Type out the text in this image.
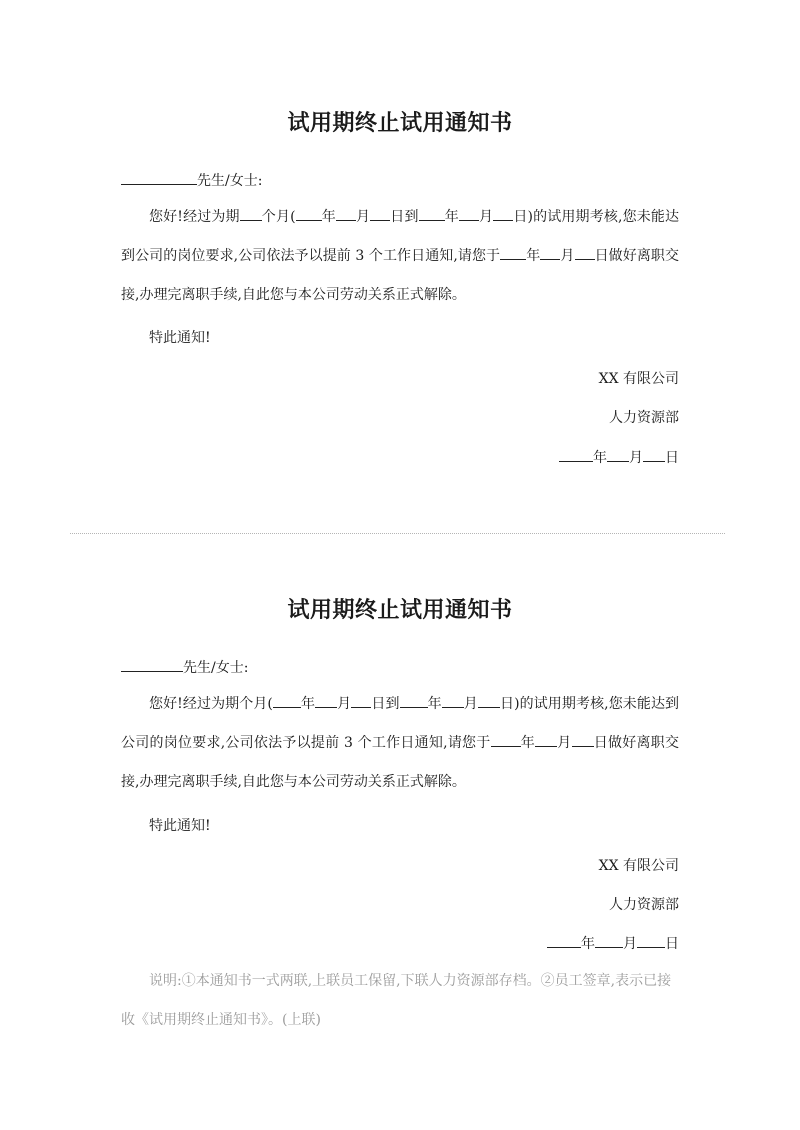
试用期终止试用通知书

先生/女士:

您好!经过为期 个月( 年 月 日到 年 月 日)的试用期考核,您未能达到公司的岗位要求,公司依法予以提前 3 个工作日通知,请您于 年 月 日做好离职交接,办理完离职手续,自此您与本公司劳动关系正式解除。

特此通知!

XX 有限公司

人力资源部

年 月 日

试用期终止试用通知书

先生/女士:

您好!经过为期个月( 年 月 日到 年 月 日)的试用期考核,您未能达到公司的岗位要求,公司依法予以提前 3 个工作日通知,请您于 年 月 日做好离职交接,办理完离职手续,自此您与本公司劳动关系正式解除。

特此通知!

XX 有限公司

人力资源部

年 月 日

说明:①本通知书一式两联,上联员工保留,下联人力资源部存档。②员工签章,表示已接收《试用期终止通知书》。(上联)
